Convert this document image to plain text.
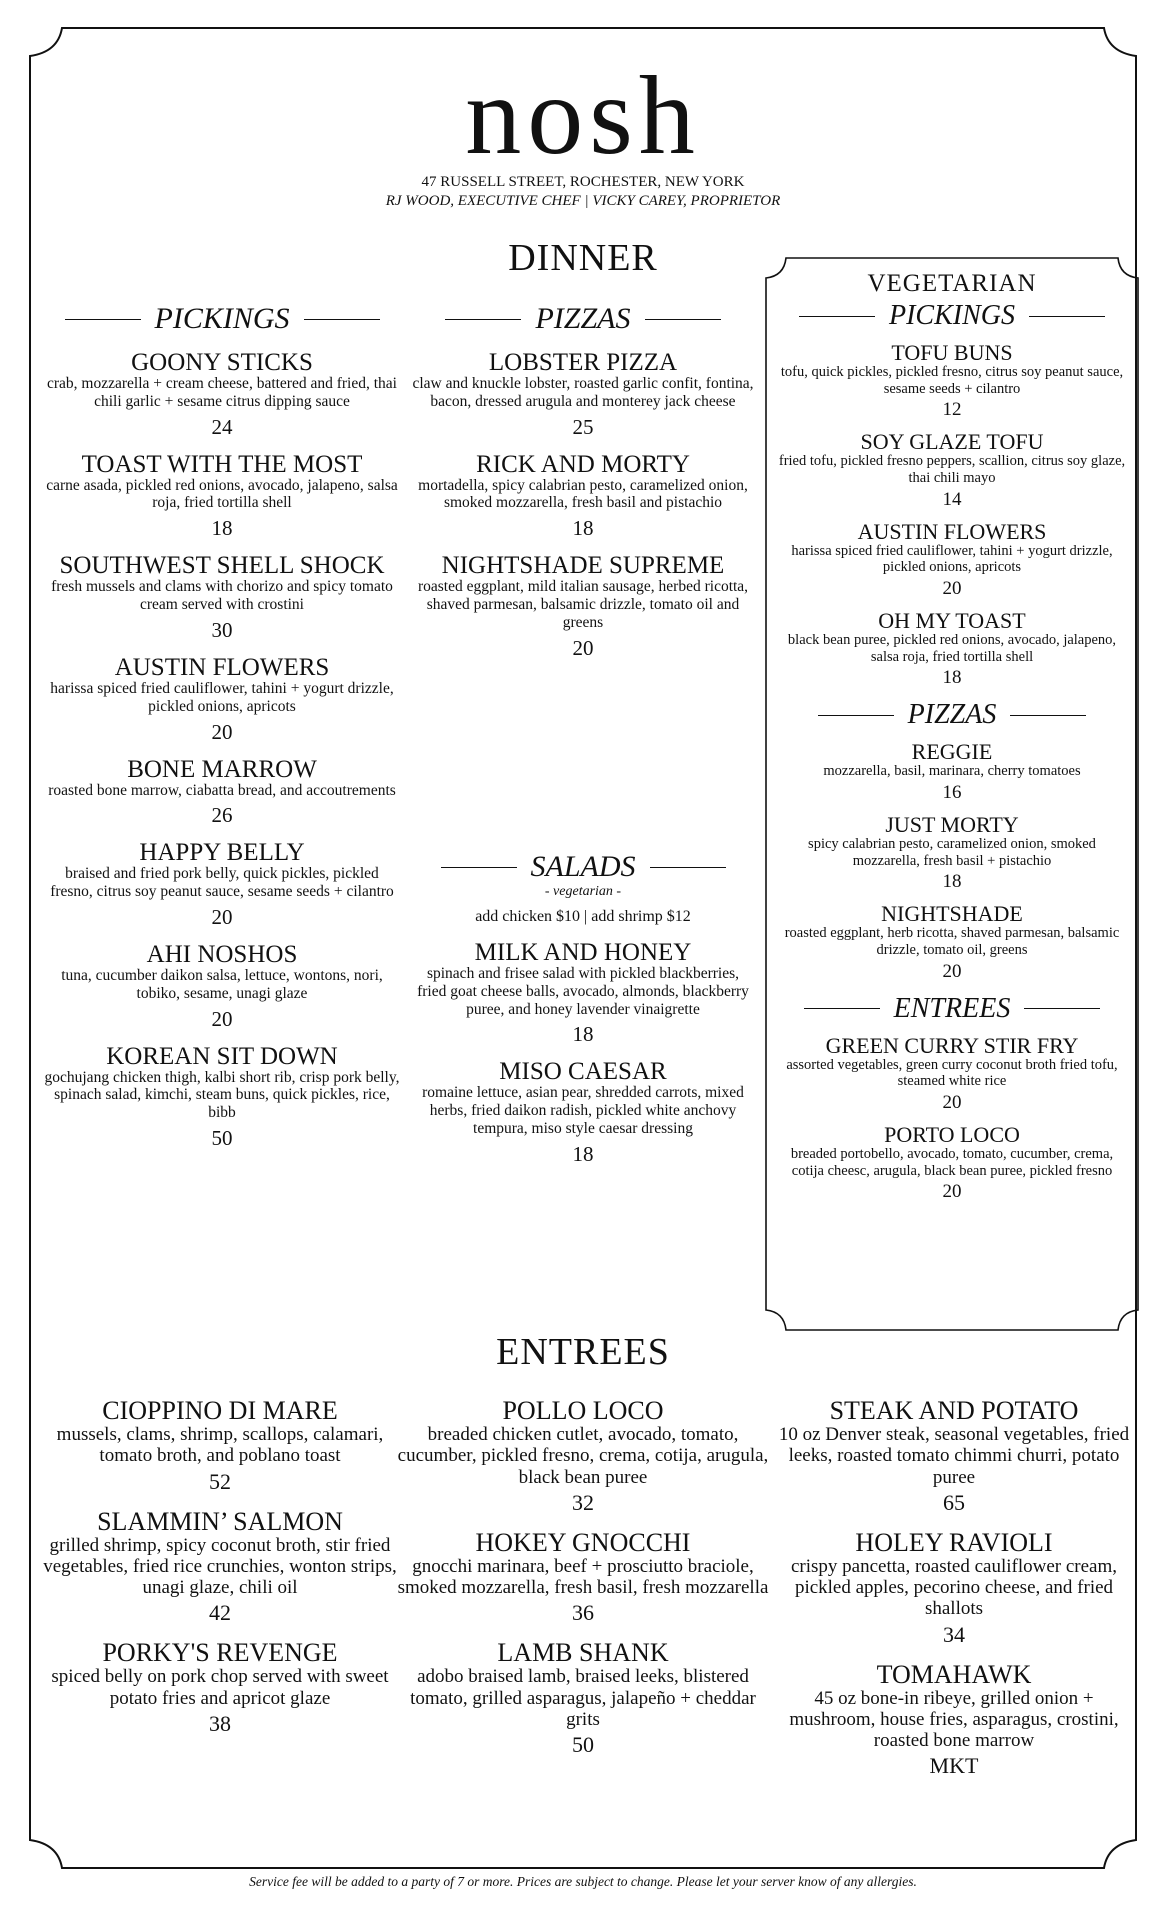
nosh
47 RUSSELL STREET, ROCHESTER, NEW YORK
RJ WOOD, EXECUTIVE CHEF | VICKY CAREY, PROPRIETOR
DINNER
PICKINGS
GOONY STICKS
crab, mozzarella + cream cheese, battered and fried, thai chili garlic + sesame citrus dipping sauce
24
TOAST WITH THE MOST
carne asada, pickled red onions, avocado, jalapeno, salsa roja, fried tortilla shell
18
SOUTHWEST SHELL SHOCK
fresh mussels and clams with chorizo and spicy tomato cream served with crostini
30
AUSTIN FLOWERS
harissa spiced fried cauliflower, tahini + yogurt drizzle, pickled onions, apricots
20
BONE MARROW
roasted bone marrow, ciabatta bread, and accoutrements
26
HAPPY BELLY
braised and fried pork belly, quick pickles, pickled fresno, citrus soy peanut sauce, sesame seeds + cilantro
20
AHI NOSHOS
tuna, cucumber daikon salsa, lettuce, wontons, nori, tobiko, sesame, unagi glaze
20
KOREAN SIT DOWN
gochujang chicken thigh, kalbi short rib, crisp pork belly, spinach salad, kimchi, steam buns, quick pickles, rice, bibb
50
PIZZAS
LOBSTER PIZZA
claw and knuckle lobster, roasted garlic confit, fontina, bacon, dressed arugula and monterey jack cheese
25
RICK AND MORTY
mortadella, spicy calabrian pesto, caramelized onion, smoked mozzarella, fresh basil and pistachio
18
NIGHTSHADE SUPREME
roasted eggplant, mild italian sausage, herbed ricotta, shaved parmesan, balsamic drizzle, tomato oil and greens
20
SALADS
- vegetarian -
add chicken $10 | add shrimp $12
MILK AND HONEY
spinach and frisee salad with pickled blackberries, fried goat cheese balls, avocado, almonds, blackberry puree, and honey lavender vinaigrette
18
MISO CAESAR
romaine lettuce, asian pear, shredded carrots, mixed herbs, fried daikon radish, pickled white anchovy tempura, miso style caesar dressing
18
VEGETARIAN
PICKINGS
TOFU BUNS
tofu, quick pickles, pickled fresno, citrus soy peanut sauce, sesame seeds + cilantro
12
SOY GLAZE TOFU
fried tofu, pickled fresno peppers, scallion, citrus soy glaze, thai chili mayo
14
AUSTIN FLOWERS
harissa spiced fried cauliflower, tahini + yogurt drizzle, pickled onions, apricots
20
OH MY TOAST
black bean puree, pickled red onions, avocado, jalapeno, salsa roja, fried tortilla shell
18
PIZZAS
REGGIE
mozzarella, basil, marinara, cherry tomatoes
16
JUST MORTY
spicy calabrian pesto, caramelized onion, smoked mozzarella, fresh basil + pistachio
18
NIGHTSHADE
roasted eggplant, herb ricotta, shaved parmesan, balsamic drizzle, tomato oil, greens
20
ENTREES
GREEN CURRY STIR FRY
assorted vegetables, green curry coconut broth fried tofu, steamed white rice
20
PORTO LOCO
breaded portobello, avocado, tomato, cucumber, crema, cotija cheesc, arugula, black bean puree, pickled fresno
20
ENTREES
CIOPPINO DI MARE
mussels, clams, shrimp, scallops, calamari, tomato broth, and poblano toast
52
SLAMMIN’ SALMON
grilled shrimp, spicy coconut broth, stir fried vegetables, fried rice crunchies, wonton strips, unagi glaze, chili oil
42
PORKY'S REVENGE
spiced belly on pork chop served with sweet potato fries and apricot glaze
38
POLLO LOCO
breaded chicken cutlet, avocado, tomato, cucumber, pickled fresno, crema, cotija, arugula, black bean puree
32
HOKEY GNOCCHI
gnocchi marinara, beef + prosciutto braciole, smoked mozzarella, fresh basil, fresh mozzarella
36
LAMB SHANK
adobo braised lamb, braised leeks, blistered tomato, grilled asparagus, jalapeño + cheddar grits
50
STEAK AND POTATO
10 oz Denver steak, seasonal vegetables, fried leeks, roasted tomato chimmi churri, potato puree
65
HOLEY RAVIOLI
crispy pancetta, roasted cauliflower cream, pickled apples, pecorino cheese, and fried shallots
34
TOMAHAWK
45 oz bone-in ribeye, grilled onion + mushroom, house fries, asparagus, crostini, roasted bone marrow
MKT
Service fee will be added to a party of 7 or more. Prices are subject to change. Please let your server know of any allergies.
